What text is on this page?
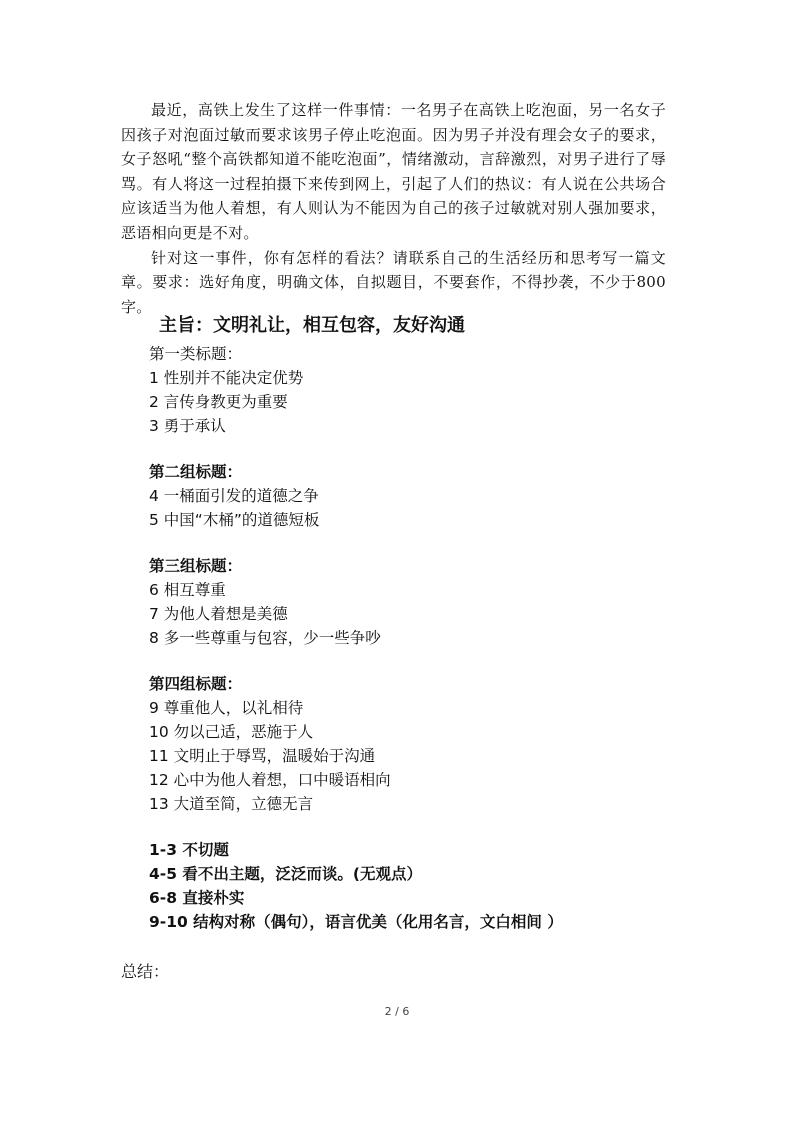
最近，高铁上发生了这样一件事情：一名男子在高铁上吃泡面，另一名女子因孩子对泡面过敏而要求该男子停止吃泡面。因为男子并没有理会女子的要求，女子怒吼“整个高铁都知道不能吃泡面”，情绪激动，言辞激烈，对男子进行了辱骂。有人将这一过程拍摄下来传到网上，引起了人们的热议：有人说在公共场合应该适当为他人着想，有人则认为不能因为自己的孩子过敏就对别人强加要求，恶语相向更是不对。

针对这一事件，你有怎样的看法？请联系自己的生活经历和思考写一篇文章。要求：选好角度，明确文体，自拟题目，不要套作，不得抄袭，不少于800字。

主旨：文明礼让，相互包容，友好沟通
第一类标题：
1 性别并不能决定优势
2 言传身教更为重要
3 勇于承认
第二组标题：
4 一桶面引发的道德之争
5 中国“木桶”的道德短板
第三组标题：
6 相互尊重
7 为他人着想是美德
8 多一些尊重与包容，少一些争吵
第四组标题：
9 尊重他人，以礼相待
10 勿以己适，恶施于人
11 文明止于辱骂，温暖始于沟通
12 心中为他人着想，口中暖语相向
13 大道至简，立德无言
1-3 不切题
4-5 看不出主题，泛泛而谈。(无观点）
6-8 直接朴实
9-10 结构对称（偶句），语言优美（化用名言，文白相间 ）
总结：
2 / 6
